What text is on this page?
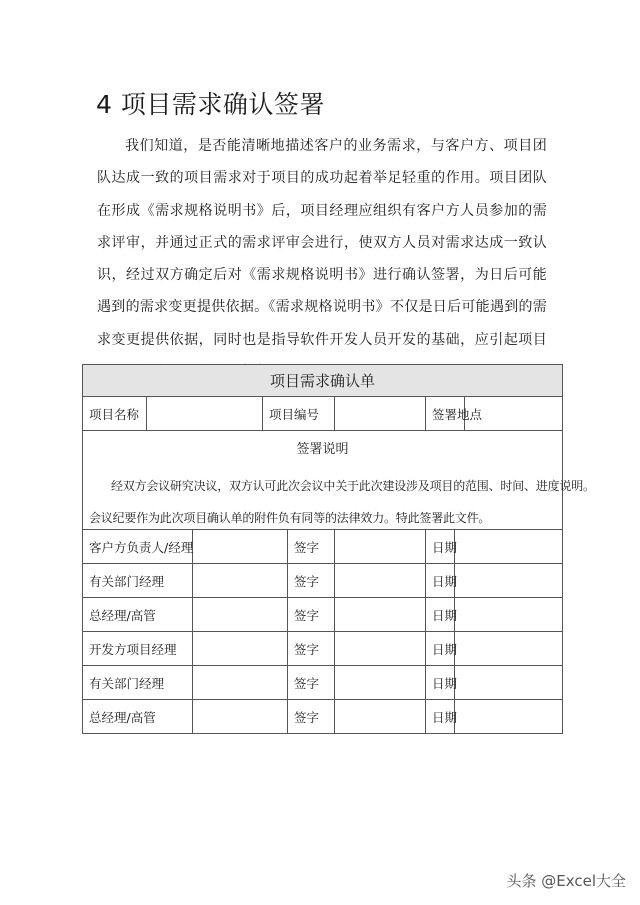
4 项目需求确认签署

我们知道，是否能清晰地描述客户的业务需求，与客户方、项目团队达成一致的项目需求对于项目的成功起着举足轻重的作用。项目团队在形成《需求规格说明书》后，项目经理应组织有客户方人员参加的需求评审，并通过正式的需求评审会进行，使双方人员对需求达成一致认识，经过双方确定后对《需求规格说明书》进行确认签署，为日后可能遇到的需求变更提供依据。《需求规格说明书》不仅是日后可能遇到的需求变更提供依据，同时也是指导软件开发人员开发的基础，应引起项目

项目需求确认单								
项目名称			项目编号			签署地点		

签署说明

经双方会议研究决议，双方认可此次会议中关于此次建设涉及项目的范围、时间、进度说明。

会议纪要作为此次项目确认单的附件负有同等的法律效力。特此签署此文件。								

客户方负责人/经理				签字		日期		
有关部门经理				签字		日期		
总经理/高管				签字		日期		
开发方项目经理				签字		日期		
有关部门经理				签字		日期		
总经理/高管				签字		日期		
头条 @Excel大全
